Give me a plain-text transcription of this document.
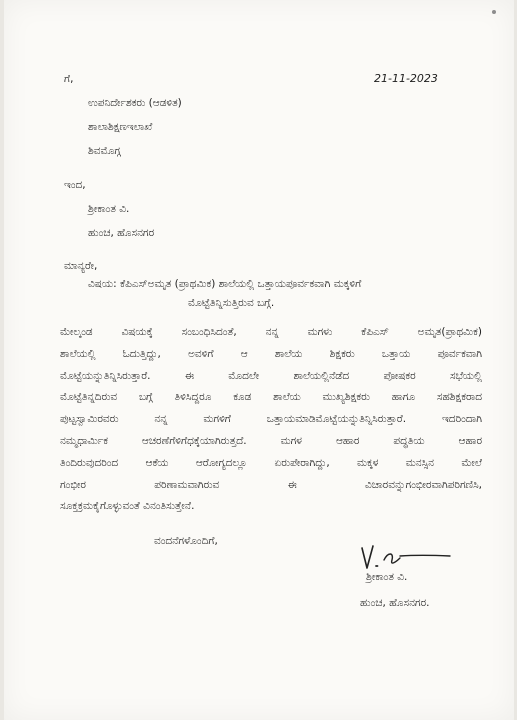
21-11-2023
ಗೆ,
ಉಪನಿರ್ದೇಶಕರು (ಆಡಳಿತ)
ಶಾಲಾಶಿಕ್ಷಣಇಲಾಖೆ
ಶಿವಮೊಗ್ಗ
ಇಂದ,
ಶ್ರೀಕಾಂತ ವಿ.
ಹುಂಚ, ಹೊಸನಗರ
ಮಾನ್ಯರೇ,
ವಿಷಯ: ಕೆಪಿಎಸ್ಅಮೃತ (ಪ್ರಾಥಮಿಕ) ಶಾಲೆಯಲ್ಲಿ ಒತ್ತಾಯಪೂರ್ವಕವಾಗಿ ಮಕ್ಕಳಿಗೆ
ಮೊಟ್ಟೆತಿನ್ನಿಸುತ್ತಿರುವ ಬಗ್ಗೆ.
ಮೇಲ್ಕಂಡ ವಿಷಯಕ್ಕೆ ಸಂಬಂಧಿಸಿದಂತೆ, ನನ್ನ ಮಗಳು ಕೆಪಿಎಸ್ ಅಮೃತ(ಪ್ರಾಥಮಿಕ)
ಶಾಲೆಯಲ್ಲಿ ಓದುತ್ತಿದ್ದು, ಅವಳಿಗೆ ಆ ಶಾಲೆಯ ಶಿಕ್ಷಕರು ಒತ್ತಾಯ ಪೂರ್ವಕವಾಗಿ
ಮೊಟ್ಟೆಯನ್ನುತಿನ್ನಿಸಿರುತ್ತಾರೆ. ಈ ಮೊದಲೇ ಶಾಲೆಯಲ್ಲಿನೆಡೆದ ಪೋಷಕರ ಸಭೆಯಲ್ಲಿ
ಮೊಟ್ಟೆತಿನ್ನದಿರುವ ಬಗ್ಗೆ ತಿಳಿಸಿದ್ದರೂ ಕೂಡ ಶಾಲೆಯ ಮುಖ್ಯಶಿಕ್ಷಕರು ಹಾಗೂ ಸಹಶಿಕ್ಷಕರಾದ
ಪುಟ್ಟಸ್ವಾಮಿರವರು ನನ್ನ ಮಗಳಿಗೆ ಒತ್ತಾಯಮಾಡಿಮೊಟ್ಟೆಯನ್ನುತಿನ್ನಿಸಿರುತ್ತಾರೆ. ಇದರಿಂದಾಗಿ
ನಮ್ಮಧಾರ್ಮಿಕ ಆಚರಣೆಗೆಳಿಗೆಧಕ್ಕೆಯಾಗಿರುತ್ತದೆ. ಮಗಳ ಆಹಾರ ಪದ್ಧತಿಯ ಆಹಾರ
ತಿಂದಿರುವುದರಿಂದ ಆಕೆಯ ಆರೋಗ್ಯದಲ್ಲೂ ಏರುಪೇರಾಗಿದ್ದು, ಮಕ್ಕಳ ಮನಸ್ಸಿನ ಮೇಲೆ
ಗಂಭೀರ ಪರಿಣಾಮವಾಗಿರುವ ಈ ವಿಚಾರವನ್ನುಗಂಭೀರವಾಗಿಪರಿಗಣಿಸಿ,
ಸೂಕ್ತಕ್ರಮಕೈಗೊಳ್ಳುವಂತೆ ವಿನಂತಿಸುತ್ತೇನೆ.
ವಂದನೆಗಳೊಂದಿಗೆ,
ಶ್ರೀಕಾಂತ ವಿ.
ಹುಂಚ, ಹೊಸನಗರ.
